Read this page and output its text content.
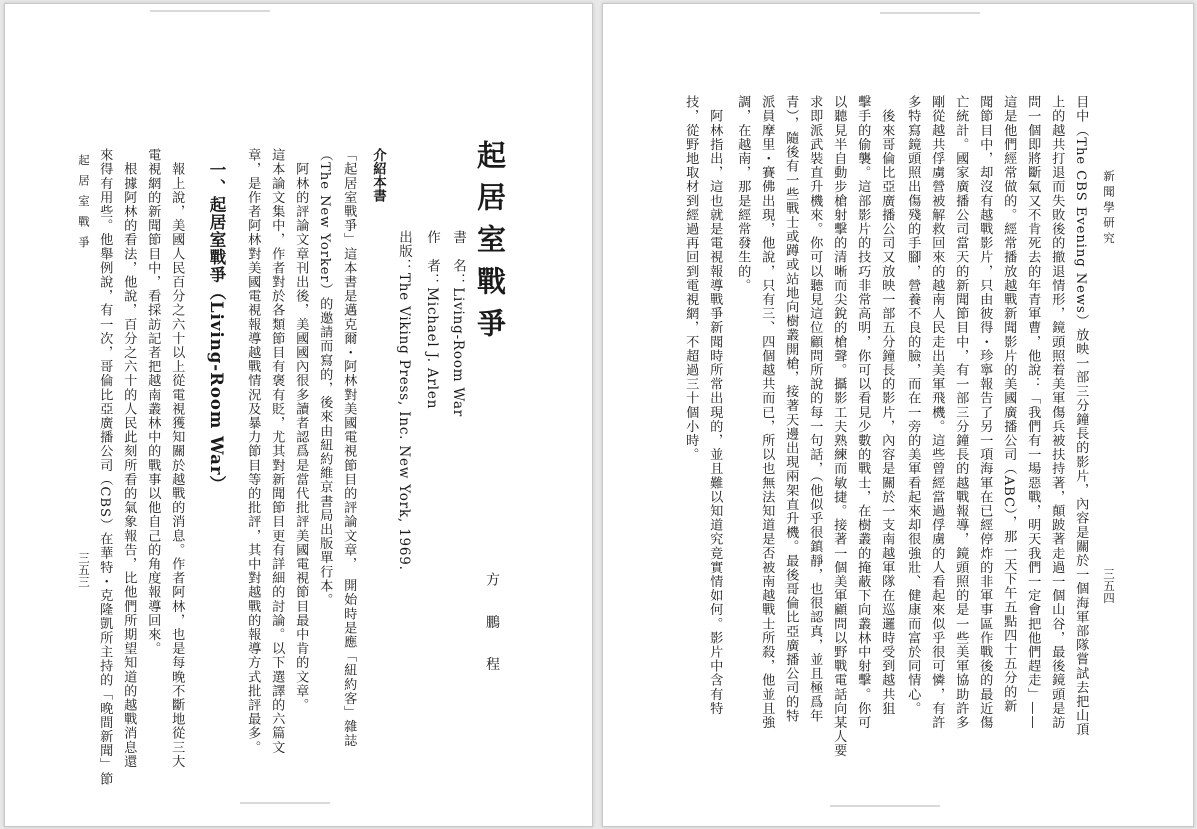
起居室戰爭
方 鵬 程
書　名：Living-Room War
作　者：Michael J. Arlen
出版：The Viking Press, Inc. New York, 1969.
介紹本書
「起居室戰爭」這本書是邁克爾・阿林對美國電視節目的評論文章，　開始時是應「紐約客」雜誌
（The New Yorker）的邀請而寫的，後來由紐約維京書局出版單行本。
　阿林的評論文章刊出後，美國國內很多讀者認爲是當代批評美國電視節目最中肯的文章。
這本論文集中，作者對於各類節目有褒有貶，尤其對新聞節目更有詳細的討論。以下選譯的六篇文
章，是作者阿林對美國電視報導越戰情況及暴力節目等的批評，其中對越戰的報導方式批評最多。
一、起居室戰爭（Living-Room War）
　報上說，美國人民百分之六十以上從電視獲知關於越戰的消息。作者阿林，也是每晚不斷地從三大
電視網的新聞節目中，看採訪記者把越南叢林中的戰事以他自己的角度報導回來。
　根據阿林的看法，他說，百分之六十的人民此刻所看的氣象報告，比他們所期望知道的越戰消息還
來得有用些。他舉例說，有一次，哥倫比亞廣播公司（CBS）在華特・克隆凱所主持的「晚間新聞」節
起居室戰爭
三五三
新聞學研究
三五四
目中（The CBS Evening News）放映一部三分鐘長的影片，內容是關於一個海軍部隊嘗試去把山頂
上的越共打退而失敗後的撤退情形，鏡頭照着美軍傷兵被扶持著，顛跛著走過一個山谷，最後鏡頭是訪
問一個即將斷氣又不肯死去的年青軍曹，他說：「我們有一場惡戰，明天我們一定會把他們趕走」——
這是他們經常做的。經常播放越戰新聞影片的美國廣播公司（ABC），那一天下午五點四十五分的新
聞節目中，却沒有越戰影片，只由彼得・珍寧報告了另一項海軍在已經停炸的非軍事區作戰後的最近傷
亡統計。國家廣播公司當天的新聞節目中，有一部三分鐘長的越戰報導，鏡頭照的是一些美軍協助許多
剛從越共俘虜營被解救回來的越南人民走出美軍飛機。這些曾經當過俘虜的人看起來似乎很可憐，有許
多特寫鏡頭照出傷殘的手腳，營養不良的臉，而在一旁的美軍看起來却很強壯、健康而富於同情心。
　後來哥倫比亞廣播公司又放映一部五分鐘長的影片，內容是關於一支南越軍隊在巡邏時受到越共狙
擊手的偷襲。這部影片的技巧非常高明，你可以看見少數的戰士，在樹叢的掩蔽下向叢林中射擊。你可
以聽見半自動步槍射擊的清晰而尖銳的槍聲。攝影工夫熟練而敏捷。接著一個美軍顧問以野戰電話向某人要
求即派武裝直升機來。你可以聽見這位顧問所說的每一句話，（他似乎很鎮靜，也很認真，並且極爲年
青），隨後有一些戰士或蹲或站地向樹叢開槍，接著天邊出現兩架直升機。最後哥倫比亞廣播公司的特
派員摩里・賽佛出現，他說，只有三、四個越共而已，所以也無法知道是否被南越戰士所殺，他並且強
調，在越南，那是經常發生的。
　阿林指出，這也就是電視報導戰爭新聞時所常出現的，並且難以知道究竟實情如何。影片中含有特
技，從野地取材到經過再回到電視網，不超過三十個小時。
